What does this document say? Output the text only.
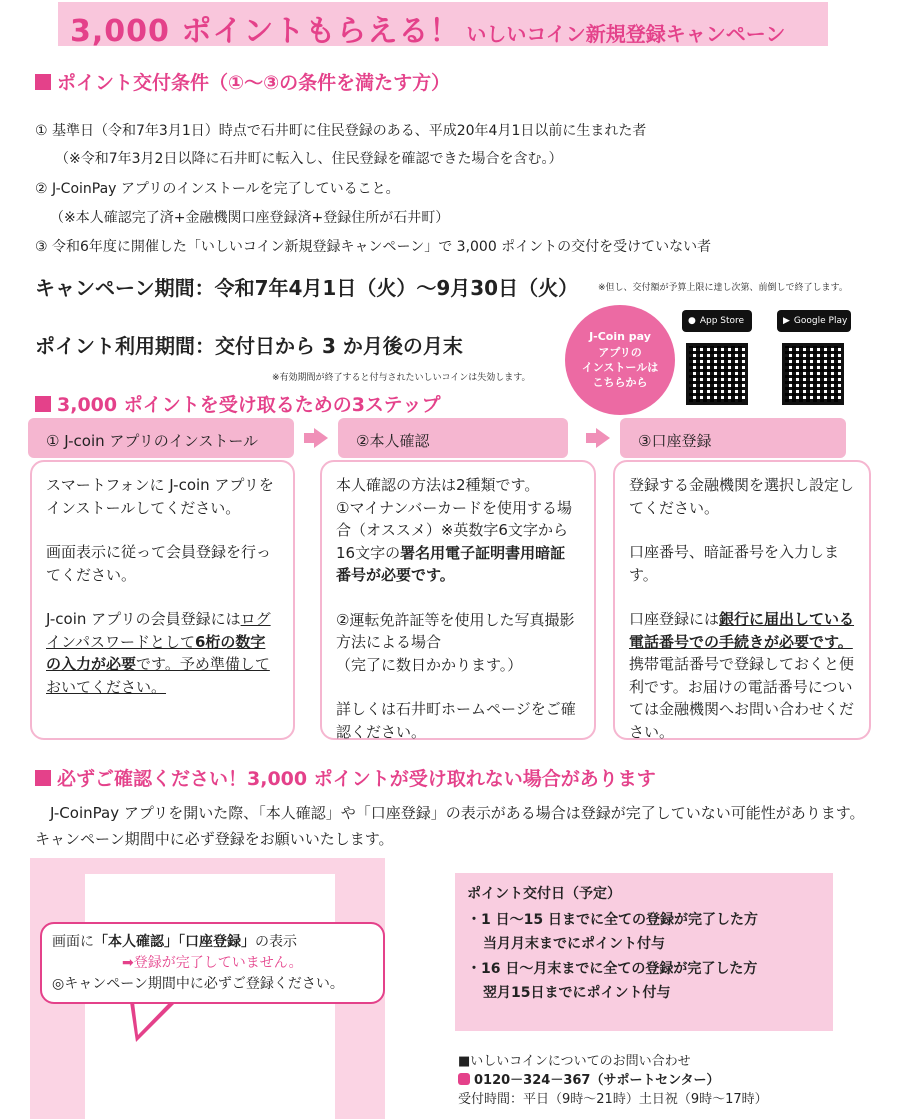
3,000 ポイントもらえる！ いしいコイン新規登録キャンペーン
ポイント交付条件（①～③の条件を満たす方）
① 基準日（令和7年3月1日）時点で石井町に住民登録のある、平成20年4月1日以前に生まれた者
（※令和7年3月2日以降に石井町に転入し、住民登録を確認できた場合を含む。）
② J-CoinPay アプリのインストールを完了していること。
（※本人確認完了済+金融機関口座登録済+登録住所が石井町）
③ 令和6年度に開催した「いしいコイン新規登録キャンペーン」で 3,000 ポイントの交付を受けていない者
キャンペーン期間：令和7年4月1日（火）～9月30日（火） ※但し、交付額が予算上限に達し次第、前倒しで終了します。
ポイント利用期間：交付日から 3 か月後の月末
※有効期間が終了すると付与されたいしいコインは失効します。
J-Coin pay
アプリの
インストールは
こちらから
● App Store	▶ Google Play
3,000 ポイントを受け取るための3ステップ
① J-coin アプリのインストール	②本人確認	③口座登録

スマートフォンに J-coin アプリをインストールしてください。

画面表示に従って会員登録を行ってください。

J-coin アプリの会員登録にはログインパスワードとして6桁の数字の入力が必要です。予め準備しておいてください。

本人確認の方法は2種類です。

①マイナンバーカードを使用する場合（オススメ）※英数字6文字から16文字の署名用電子証明書用暗証番号が必要です。

②運転免許証等を使用した写真撮影方法による場合

（完了に数日かかります。）

詳しくは石井町ホームページをご確認ください。

登録する金融機関を選択し設定してください。

口座番号、暗証番号を入力します。

口座登録には銀行に届出している電話番号での手続きが必要です。携帯電話番号で登録しておくと便利です。お届けの電話番号については金融機関へお問い合わせください。

必ずご確認ください！3,000 ポイントが受け取れない場合があります
J-CoinPay アプリを開いた際、「本人確認」や「口座登録」の表示がある場合は登録が完了していない可能性があります。キャンペーン期間中に必ず登録をお願いいたします。
画面に「本人確認」「口座登録」の表示
➡登録が完了していません。
◎キャンペーン期間中に必ずご登録ください。
ポイント交付日（予定）
・1 日～15 日までに全ての登録が完了した方
当月月末までにポイント付与
・16 日～月末までに全ての登録が完了した方
翌月15日までにポイント付与
■いしいコインについてのお問い合わせ
0120－324－367（サポートセンター）
受付時間：平日（9時～21時）土日祝（9時～17時）
